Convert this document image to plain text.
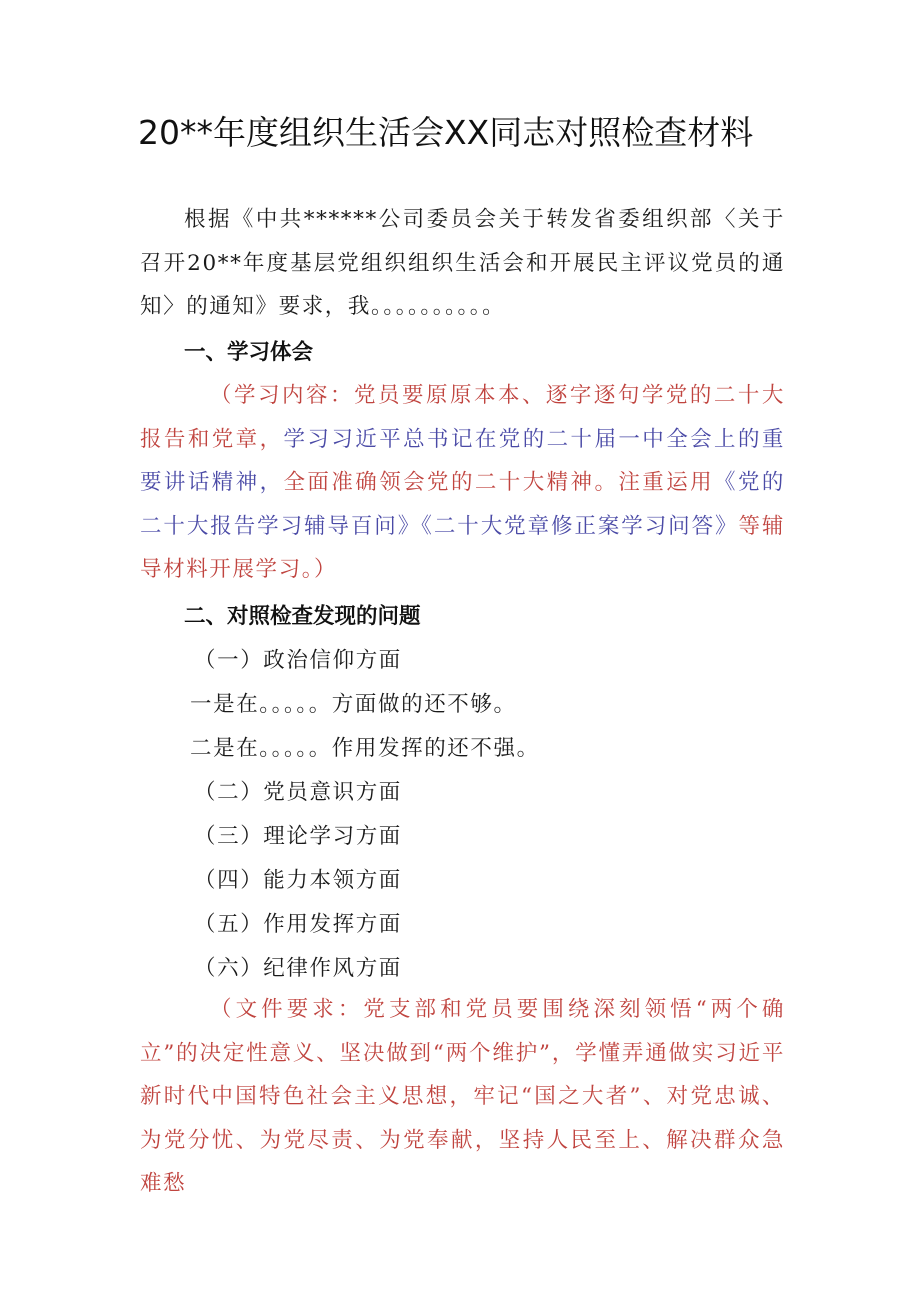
20**年度组织生活会XX同志对照检查材料

根据《中共******公司委员会关于转发省委组织部〈关于召开20**年度基层党组织组织生活会和开展民主评议党员的通知〉的通知》要求，我。。。。。。。。。。

一、学习体会

（学习内容：党员要原原本本、逐字逐句学党的二十大报告和党章，学习习近平总书记在党的二十届一中全会上的重要讲话精神，全面准确领会党的二十大精神。注重运用《党的二十大报告学习辅导百问》《二十大党章修正案学习问答》等辅导材料开展学习。）

二、对照检查发现的问题
（一）政治信仰方面
一是在。。。。。方面做的还不够。
二是在。。。。。作用发挥的还不强。
（二）党员意识方面
（三）理论学习方面
（四）能力本领方面
（五）作用发挥方面
（六）纪律作风方面

（文件要求：党支部和党员要围绕深刻领悟“两个确立”的决定性意义、坚决做到“两个维护”，学懂弄通做实习近平新时代中国特色社会主义思想，牢记“国之大者”、对党忠诚、为党分忧、为党尽责、为党奉献，坚持人民至上、解决群众急难愁
